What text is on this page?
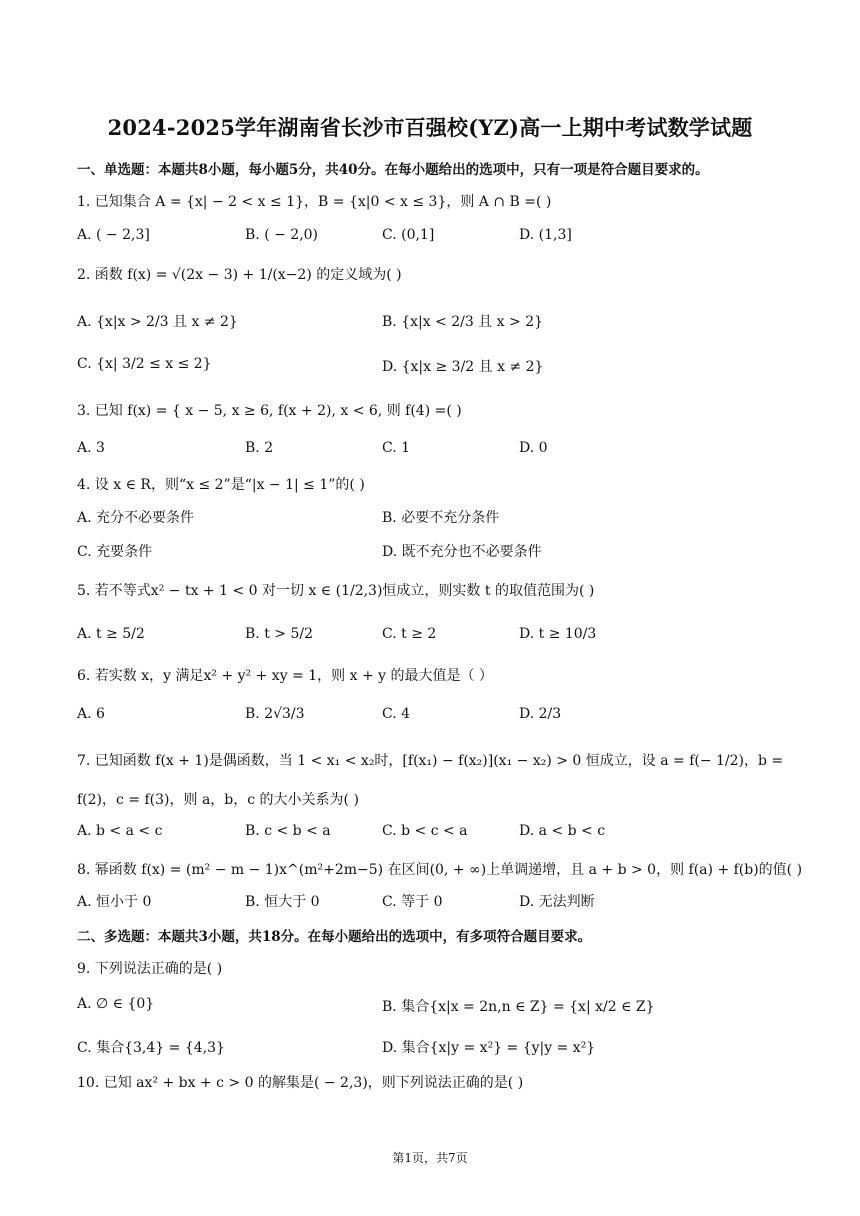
2024-2025学年湖南省长沙市百强校(YZ)高一上期中考试数学试题
一、单选题：本题共8小题，每小题5分，共40分。在每小题给出的选项中，只有一项是符合题目要求的。
1. 已知集合 A = {x| − 2 < x ≤ 1}，B = {x|0 < x ≤ 3}，则 A ∩ B =( )
A. ( − 2,3]	B. ( − 2,0)	C. (0,1]	D. (1,3]
2. 函数 f(x) = √(2x − 3) + 1/(x−2) 的定义域为( )
A. {x|x > 2/3 且 x ≠ 2}	B. {x|x < 2/3 且 x > 2}
C. {x| 3/2 ≤ x ≤ 2}	D. {x|x ≥ 3/2 且 x ≠ 2}
3. 已知 f(x) = { x − 5, x ≥ 6, f(x + 2), x < 6, 则 f(4) =( )
A. 3	B. 2	C. 1	D. 0
4. 设 x ∈ R，则“x ≤ 2”是“|x − 1| ≤ 1”的( )
A. 充分不必要条件	B. 必要不充分条件
C. 充要条件	D. 既不充分也不必要条件
5. 若不等式x² − tx + 1 < 0 对一切 x ∈ (1/2,3)恒成立，则实数 t 的取值范围为( )
A. t ≥ 5/2	B. t > 5/2	C. t ≥ 2	D. t ≥ 10/3
6. 若实数 x，y 满足x² + y² + xy = 1，则 x + y 的最大值是（ ）
A. 6	B. 2√3/3	C. 4	D. 2/3
7. 已知函数 f(x + 1)是偶函数，当 1 < x₁ < x₂时，[f(x₁) − f(x₂)](x₁ − x₂) > 0 恒成立，设 a = f(− 1/2)，b =
f(2)，c = f(3)，则 a，b，c 的大小关系为( )
A. b < a < c	B. c < b < a	C. b < c < a	D. a < b < c
8. 幂函数 f(x) = (m² − m − 1)x^(m²+2m−5) 在区间(0, + ∞)上单调递增，且 a + b > 0，则 f(a) + f(b)的值( )
A. 恒小于 0	B. 恒大于 0	C. 等于 0	D. 无法判断
二、多选题：本题共3小题，共18分。在每小题给出的选项中，有多项符合题目要求。
9. 下列说法正确的是( )
A. ∅ ∈ {0}	B. 集合{x|x = 2n,n ∈ Z} = {x| x/2 ∈ Z}
C. 集合{3,4} = {4,3}	D. 集合{x|y = x²} = {y|y = x²}
10. 已知 ax² + bx + c > 0 的解集是( − 2,3)，则下列说法正确的是( )
第1页，共7页
